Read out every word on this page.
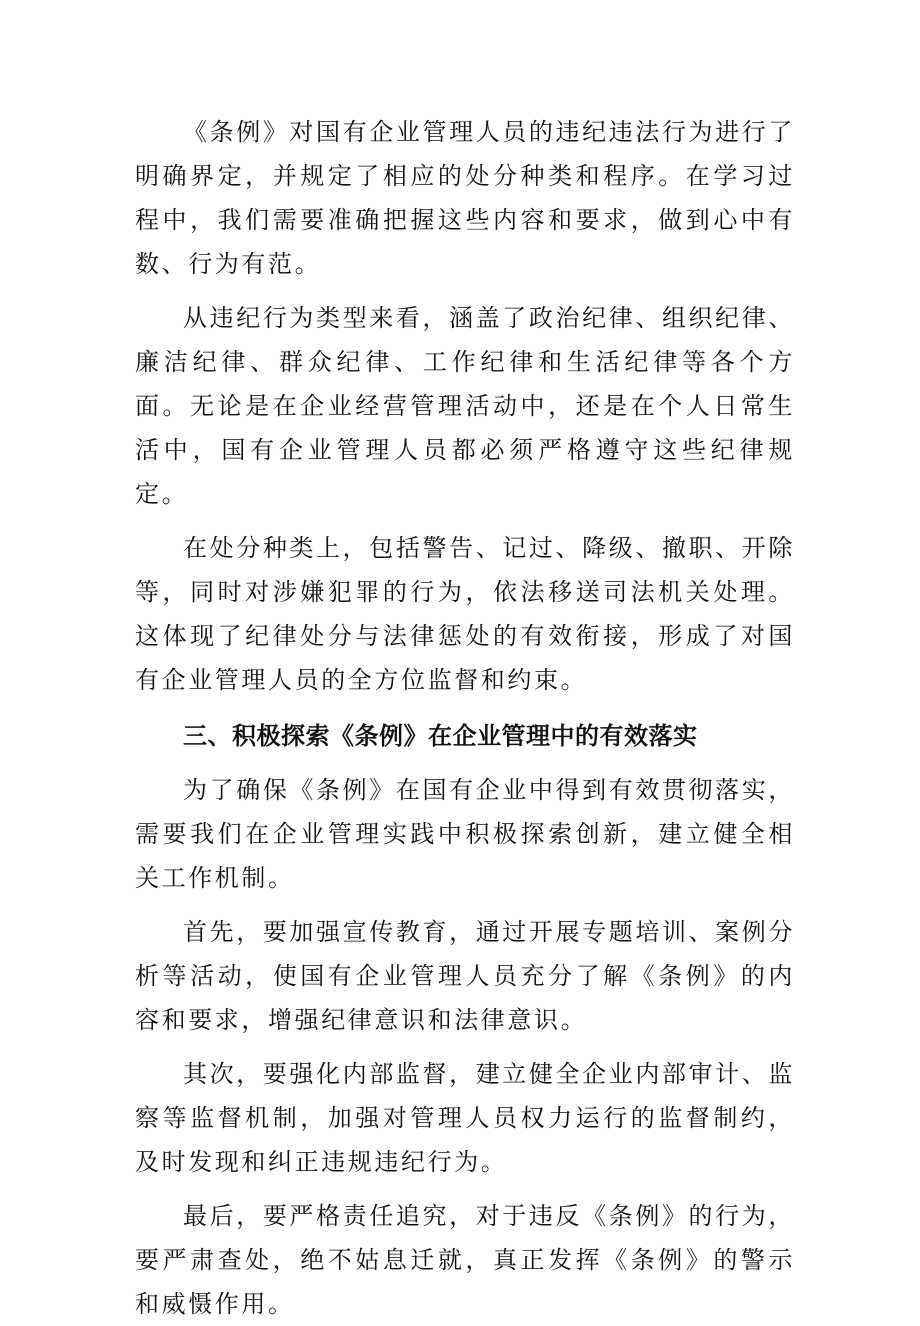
《条例》对国有企业管理人员的违纪违法行为进行了明确界定，并规定了相应的处分种类和程序。在学习过程中，我们需要准确把握这些内容和要求，做到心中有数、行为有范。

从违纪行为类型来看，涵盖了政治纪律、组织纪律、廉洁纪律、群众纪律、工作纪律和生活纪律等各个方面。无论是在企业经营管理活动中，还是在个人日常生活中，国有企业管理人员都必须严格遵守这些纪律规定。

在处分种类上，包括警告、记过、降级、撤职、开除等，同时对涉嫌犯罪的行为，依法移送司法机关处理。这体现了纪律处分与法律惩处的有效衔接，形成了对国有企业管理人员的全方位监督和约束。

三、积极探索《条例》在企业管理中的有效落实

为了确保《条例》在国有企业中得到有效贯彻落实，需要我们在企业管理实践中积极探索创新，建立健全相关工作机制。

首先，要加强宣传教育，通过开展专题培训、案例分析等活动，使国有企业管理人员充分了解《条例》的内容和要求，增强纪律意识和法律意识。

其次，要强化内部监督，建立健全企业内部审计、监察等监督机制，加强对管理人员权力运行的监督制约，及时发现和纠正违规违纪行为。

最后，要严格责任追究，对于违反《条例》的行为，要严肃查处，绝不姑息迁就，真正发挥《条例》的警示和威慑作用。
